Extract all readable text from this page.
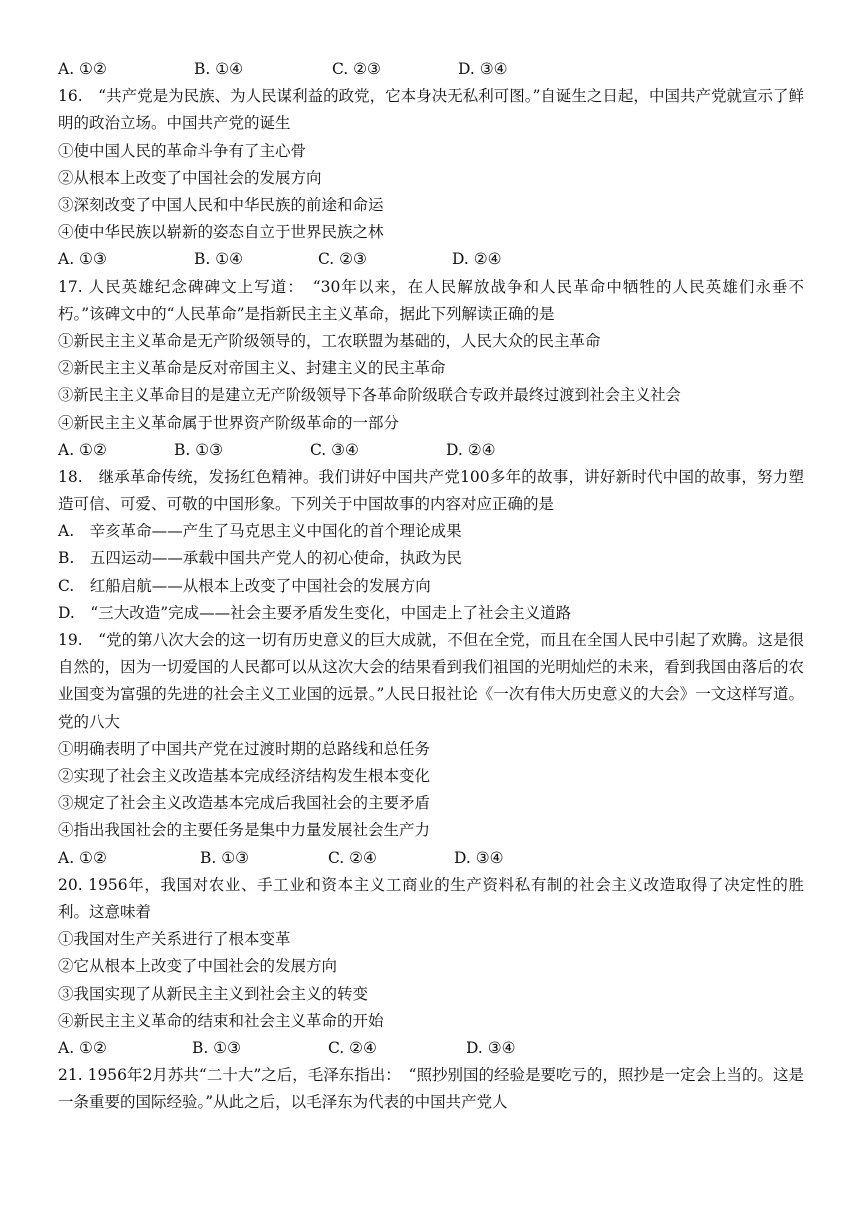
A. ①②	B. ①④	C. ②③	D. ③④
16.　“共产党是为民族、为人民谋利益的政党，它本身决无私利可图。”自诞生之日起，中国共产党就宣示了鲜明的政治立场。中国共产党的诞生
①使中国人民的革命斗争有了主心骨
②从根本上改变了中国社会的发展方向
③深刻改变了中国人民和中华民族的前途和命运
④使中华民族以崭新的姿态自立于世界民族之林
A. ①③	B. ①④	C. ②③	D. ②④
17. 人民英雄纪念碑碑文上写道：　“30年以来，在人民解放战争和人民革命中牺牲的人民英雄们永垂不朽。”该碑文中的“人民革命”是指新民主主义革命，据此下列解读正确的是
①新民主主义革命是无产阶级领导的，工农联盟为基础的，人民大众的民主革命
②新民主主义革命是反对帝国主义、封建主义的民主革命
③新民主主义革命目的是建立无产阶级领导下各革命阶级联合专政并最终过渡到社会主义社会
④新民主主义革命属于世界资产阶级革命的一部分
A. ①②	B. ①③	C. ③④	D. ②④
18.　继承革命传统，发扬红色精神。我们讲好中国共产党100多年的故事，讲好新时代中国的故事，努力塑造可信、可爱、可敬的中国形象。下列关于中国故事的内容对应正确的是
A.　辛亥革命——产生了马克思主义中国化的首个理论成果
B.　五四运动——承载中国共产党人的初心使命，执政为民
C.　红船启航——从根本上改变了中国社会的发展方向
D.　“三大改造”完成——社会主要矛盾发生变化，中国走上了社会主义道路
19.　“党的第八次大会的这一切有历史意义的巨大成就，不但在全党，而且在全国人民中引起了欢腾。这是很自然的，因为一切爱国的人民都可以从这次大会的结果看到我们祖国的光明灿烂的未来，看到我国由落后的农业国变为富强的先进的社会主义工业国的远景。”人民日报社论《一次有伟大历史意义的大会》一文这样写道。党的八大
①明确表明了中国共产党在过渡时期的总路线和总任务
②实现了社会主义改造基本完成经济结构发生根本变化
③规定了社会主义改造基本完成后我国社会的主要矛盾
④指出我国社会的主要任务是集中力量发展社会生产力
A. ①②	B. ①③	C. ②④	D. ③④
20. 1956年，我国对农业、手工业和资本主义工商业的生产资料私有制的社会主义改造取得了决定性的胜利。这意味着
①我国对生产关系进行了根本变革
②它从根本上改变了中国社会的发展方向
③我国实现了从新民主主义到社会主义的转变
④新民主主义革命的结束和社会主义革命的开始
A. ①②	B. ①③	C. ②④	D. ③④
21. 1956年2月苏共“二十大”之后，毛泽东指出：　“照抄别国的经验是要吃亏的，照抄是一定会上当的。这是一条重要的国际经验。”从此之后，以毛泽东为代表的中国共产党人
